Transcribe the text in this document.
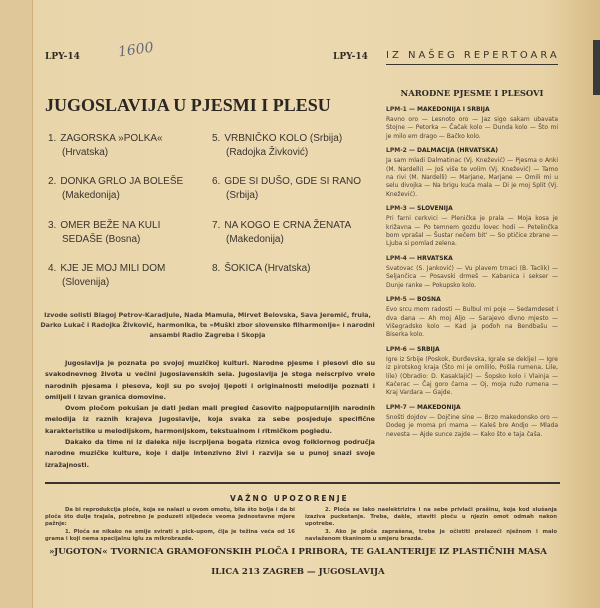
LPY-14	1600	LPY-14
JUGOSLAVIJA U PJESMI I PLESU
1. ZAGORSKA »POLKA«
(Hrvatska)
2. DONKA GRLO JA BOLEŠE
(Makedonija)
3. OMER BEŽE NA KULI
SEDAŠE (Bosna)
4. KJE JE MOJ MILI DOM
(Slovenija)
5. VRBNIČKO KOLO (Srbija)
(Radojka Živković)
6. GDE SI DUŠO, GDE SI RANO
(Srbija)
7. NA KOGO E CRNA ŽENATA
(Makedonija)
8. ŠOKICA (Hrvatska)
Izvode solisti Blagoj Petrov-Karadjule, Nada Mamula, Mirvet Belovska, Sava Jeremić, frula, Darko Lukač i Radojka Živković, harmonika, te »Muški zbor slovenske filharmonije« i narodni ansambl Radio Zagreba i Skopja

Jugoslavija je poznata po svojoj muzičkoj kulturi. Narodne pjesme i plesovi dio su svakodnevnog života u većini jugoslavenskih sela. Jugoslavija je stoga neiscrpivo vrelo narodnih pjesama i plesova, koji su po svojoj ljepoti i originalnosti melodije poznati i omiljeli i izvan granica domovine.

Ovom pločom pokušan je dati jedan mali pregled časovito najpopularnijih narodnih melodija iz raznih krajeva Jugoslavije, koja svaka za sebe posjeduje specifične karakteristike u melodijskom, harmonijskom, tekstualnom i ritmičkom pogledu.

Dakako da time ni iz daleka nije iscrpljena bogata riznica ovog folklornog područja narodne muzičke kulture, koje i dalje intenzivno živi i razvija se u punoj snazi svoje izražajnosti.

VAŽNO UPOZORENJE

Da bi reprodukcija ploče, koja se nalazi u ovom omotu, bila što bolja i da bi ploča što dulje trajala, potrebno je poduzeti slijedeće veoma jednostavne mjere pažnje:

1. Ploča se nikako ne smije svirati s pick-upom, čija je težina veća od 16 grama i koji nema specijalnu iglu za mikrobrazde.

2. Ploča se lako naelektrizira i na sebe privlači prašinu, koja kod slušanja izaziva pucketanje. Treba, dakle, staviti ploču u njezin omot odmah nakon upotrebe.

3. Ako je ploča zaprašena, treba je očistiti prelazeći nježnom i malo navlaženom tkaninom u smjeru brazda.

»JUGOTON« TVORNICA GRAMOFONSKIH PLOČA I PRIBORA, TE GALANTERIJE IZ PLASTIČNIH MASA
ILICA 213 ZAGREB — JUGOSLAVIJA
IZ NAŠEG REPERTOARA
NARODNE PJESME I PLESOVI
LPM-1 — MAKEDONIJA I SRBIJA
Ravno oro — Lesnoto oro — Jaz sigo sakam ubavata Stojne — Petorka — Čačak kolo — Dunda kolo — Što mi je milo em drago — Bačko kolo.
LPM-2 — DALMACIJA (HRVATSKA)
Ja sam mladi Dalmatinac (Vj. Knežević) — Pjesma o Anki (M. Nardelli) — Još više te volim (Vj. Knežević) — Tamo na rivi (M. Nardelli) — Marjane, Marjane — Omili mi u selu divojka — Na brigu kuća mala — Di je moj Split (Vj. Knežević).
LPM-3 — SLOVENIJA
Pri farni cerkvici — Plenička je prala — Moja kosa je križavna — Po temnem gozdu lovec hodi — Petelinčka bom vprašal — Šustar nečem bit' — So ptičice zbrane — Ljuba si pomlad zelena.
LPM-4 — HRVATSKA
Svatovac (S. Janković) — Vu plavem trnaci (B. Taclik) — Seljančica — Posavski drmeš — Kabanica i sekser — Dunje ranke — Pokupsko kolo.
LPM-5 — BOSNA
Evo srcu mom radosti — Bulbul mi poje — Sedamdeset i dva dana — Ah moj Aljo — Sarajevo divno mjesto — Višegradsko kolo — Kad ja pođoh na Bendbašu — Biserka kolo.
LPM-6 — SRBIJA
Igre iz Srbije (Poskok, Đurđevska, Igrale se deklje) — Igre iz pirotskog kraja (Što mi je omililo, Pošla rumena, Lile, lile) (Obradio: D. Kasaklajić) — Šopsko kolo i Vlainja — Kačerac — Čaj goro čarna — Oj, moja ružo rumena — Kraj Vardara — Gajde.
LPM-7 — MAKEDONIJA
Snošti dojdov — Dojčine sine — Brzo makedonsko oro — Dodeg je moma pri mama — Kaleš bre Andjo — Mlada nevesta — Ajde sunce zajde — Kako što e taja čaša.
